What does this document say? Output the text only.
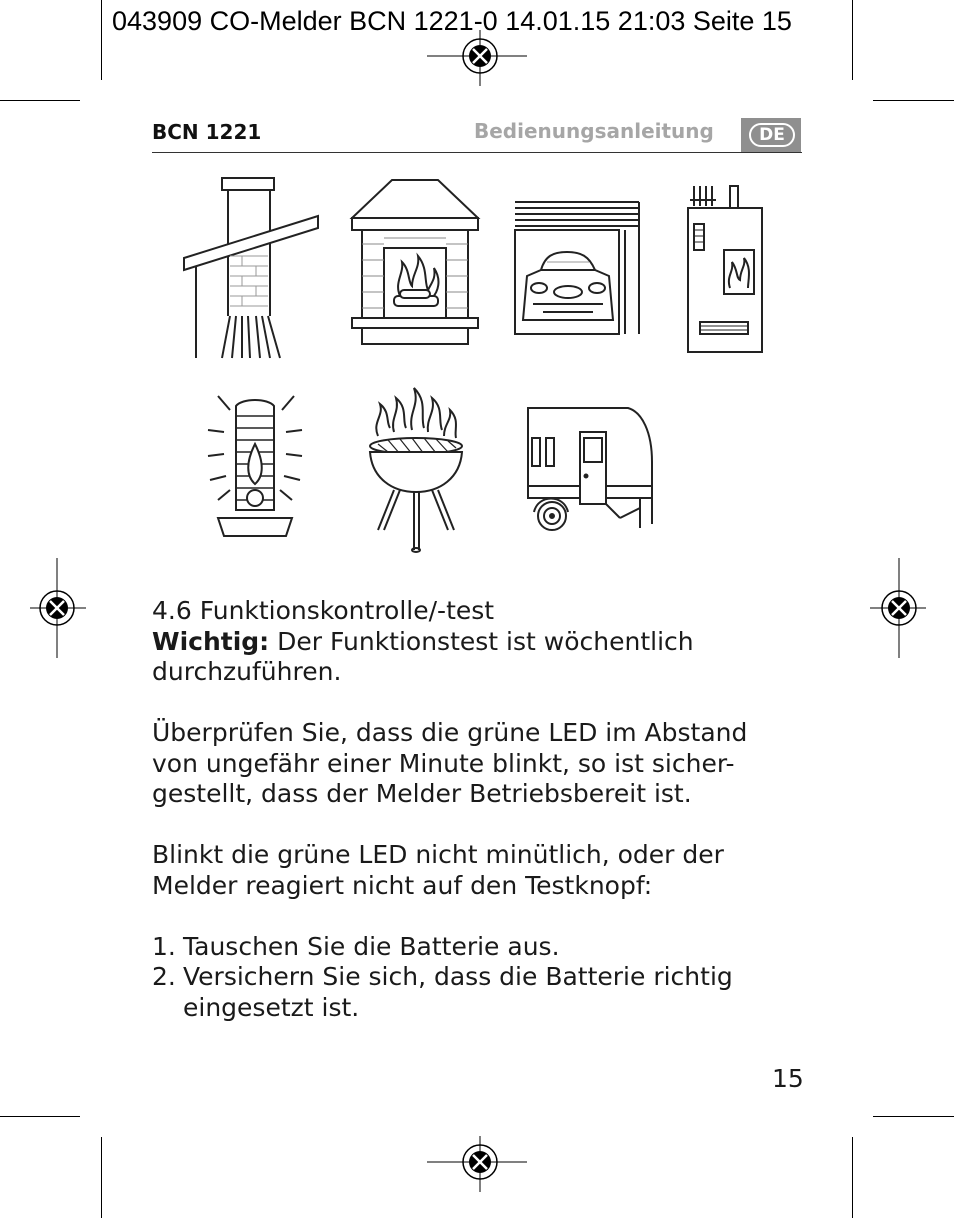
043909 CO-Melder BCN 1221-0 14.01.15 21:03 Seite 15
BCN 1221	Bedienungsanleitung	DE

4.6 Funktionskontrolle/-test

Wichtig: Der Funktionstest ist wöchentlich

durchzuführen.

Überprüfen Sie, dass die grüne LED im Abstand

von ungefähr einer Minute blinkt, so ist sicher-

gestellt, dass der Melder Betriebsbereit ist.

Blinkt die grüne LED nicht minütlich, oder der

Melder reagiert nicht auf den Testknopf:

1. Tauschen Sie die Batterie aus.
2. Versichern Sie sich, dass die Batterie richtig
eingesetzt ist.
15
